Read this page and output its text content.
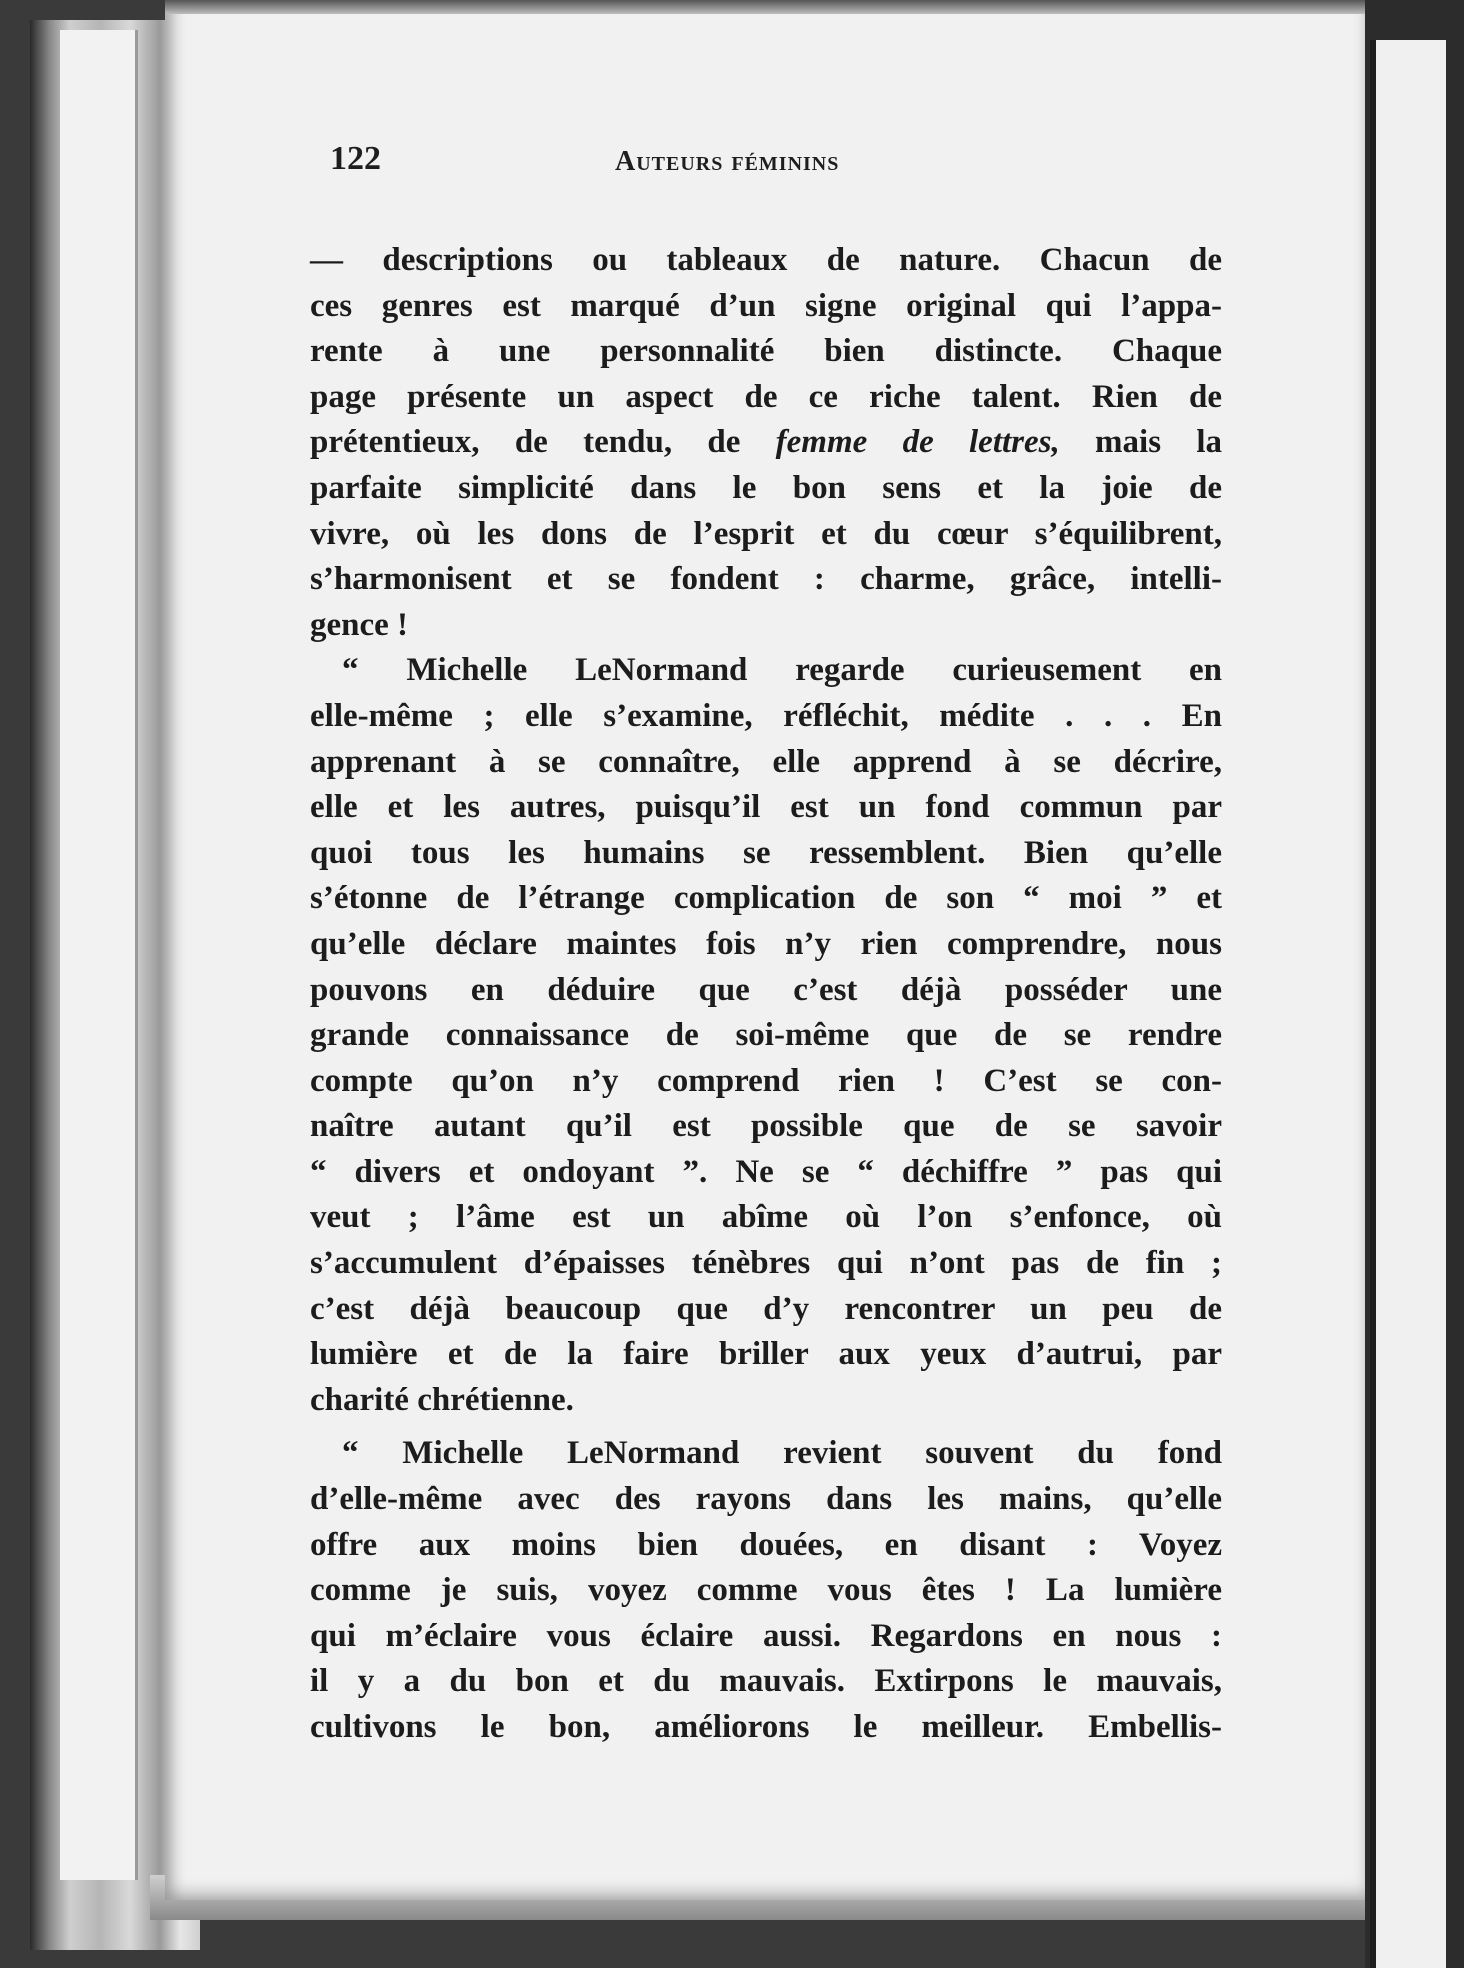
122	Auteurs féminins
— descriptions ou tableaux de nature. Chacun de
ces genres est marqué d’un signe original qui l’appa-
rente à une personnalité bien distincte. Chaque
page présente un aspect de ce riche talent. Rien de
prétentieux, de tendu, de femme de lettres, mais la
parfaite simplicité dans le bon sens et la joie de
vivre, où les dons de l’esprit et du cœur s’équilibrent,
s’harmonisent et se fondent : charme, grâce, intelli-
gence !
“ Michelle LeNormand regarde curieusement en
elle-même ; elle s’examine, réfléchit, médite . . . En
apprenant à se connaître, elle apprend à se décrire,
elle et les autres, puisqu’il est un fond commun par
quoi tous les humains se ressemblent. Bien qu’elle
s’étonne de l’étrange complication de son “ moi ” et
qu’elle déclare maintes fois n’y rien comprendre, nous
pouvons en déduire que c’est déjà posséder une
grande connaissance de soi-même que de se rendre
compte qu’on n’y comprend rien ! C’est se con-
naître autant qu’il est possible que de se savoir
“ divers et ondoyant ”. Ne se “ déchiffre ” pas qui
veut ; l’âme est un abîme où l’on s’enfonce, où
s’accumulent d’épaisses ténèbres qui n’ont pas de fin ;
c’est déjà beaucoup que d’y rencontrer un peu de
lumière et de la faire briller aux yeux d’autrui, par
charité chrétienne.
“ Michelle LeNormand revient souvent du fond
d’elle-même avec des rayons dans les mains, qu’elle
offre aux moins bien douées, en disant : Voyez
comme je suis, voyez comme vous êtes ! La lumière
qui m’éclaire vous éclaire aussi. Regardons en nous :
il y a du bon et du mauvais. Extirpons le mauvais,
cultivons le bon, améliorons le meilleur. Embellis-
